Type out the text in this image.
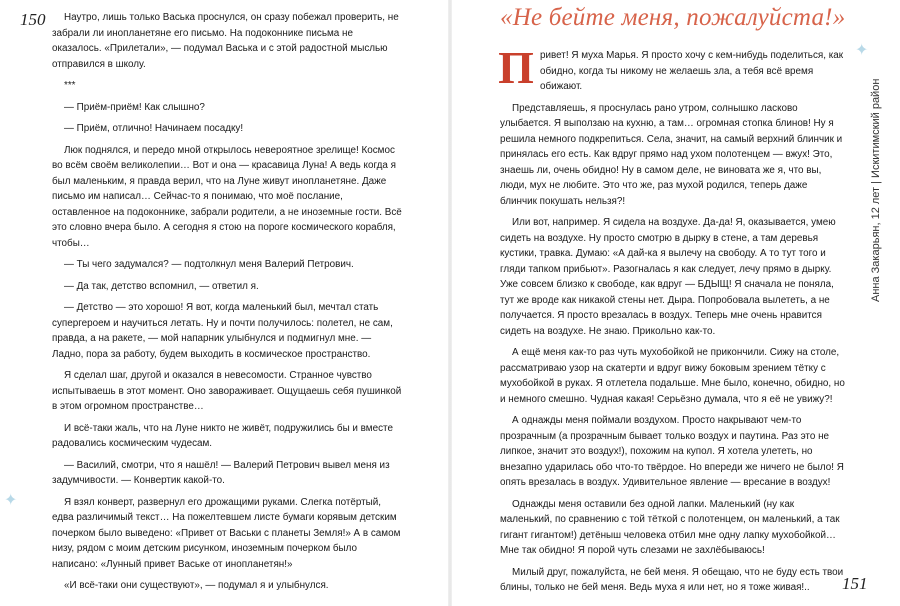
150	Наутро, лишь только Васька проснулся, он сразу побежал проверить, не забрали ли инопланетяне его письмо. На подоконнике письма не оказалось. «Прилетали», — подумал Васька и с этой радостной мыслью отправился в школу.

***

— Приём-приём! Как слышно?

— Приём, отлично! Начинаем посадку!

Люк поднялся, и передо мной открылось невероятное зрелище! Космос во всём своём великолепии… Вот и она — красавица Луна! А ведь когда я был маленьким, я правда верил, что на Луне живут инопланетяне. Даже письмо им написал… Сейчас-то я понимаю, что моё послание, оставленное на подоконнике, забрали родители, а не иноземные гости. Всё это словно вчера было. А сегодня я стою на пороге космического корабля, чтобы…

— Ты чего задумался? — подтолкнул меня Валерий Петрович.

— Да так, детство вспомнил, — ответил я.

— Детство — это хорошо! Я вот, когда маленький был, мечтал стать супергероем и научиться летать. Ну и почти получилось: полетел, не сам, правда, а на ракете, — мой напарник улыбнулся и подмигнул мне. — Ладно, пора за работу, будем выходить в космическое пространство.

Я сделал шаг, другой и оказался в невесомости. Странное чувство испытываешь в этот момент. Оно завораживает. Ощущаешь себя пушинкой в этом огромном пространстве…

И всё-таки жаль, что на Луне никто не живёт, подружились бы и вместе радовались космическим чудесам.

— Василий, смотри, что я нашёл! — Валерий Петрович вывел меня из задумчивости. — Конвертик какой-то.

Я взял конверт, развернул его дрожащими руками. Слегка потёртый, едва различимый текст… На пожелтевшем листе бумаги корявым детским почерком было выведено: «Привет от Васьки с планеты Земля!» А в самом низу, рядом с моим детским рисунком, иноземным почерком было написано: «Лунный привет Ваське от инопланетян!»

«И всё-таки они существуют», — подумал я и улыбнулся.

✦
«Не бейте меня, пожалуйста!»

Привет! Я муха Марья. Я просто хочу с кем-нибудь поделиться, как обидно, когда ты никому не желаешь зла, а тебя всё время обижают.

Представляешь, я проснулась рано утром, солнышко ласково улыбается. Я выползаю на кухню, а там… огромная стопка блинов! Ну я решила немного подкрепиться. Села, значит, на самый верхний блинчик и принялась его есть. Как вдруг прямо над ухом полотенцем — вжух! Это, знаешь ли, очень обидно! Ну в самом деле, не виновата же я, что вы, люди, мух не любите. Это что же, раз мухой родился, теперь даже блинчик покушать нельзя?!

Или вот, например. Я сидела на воздухе. Да-да! Я, оказывается, умею сидеть на воздухе. Ну просто смотрю в дырку в стене, а там деревья кустики, травка. Думаю: «А дай-ка я вылечу на свободу. А то тут того и гляди тапком прибьют». Разогналась я как следует, лечу прямо в дырку. Уже совсем близко к свободе, как вдруг — БДЫЩ! Я сначала не поняла, тут же вроде как никакой стены нет. Дыра. Попробовала вылететь, а не получается. Я просто врезалась в воздух. Теперь мне очень нравится сидеть на воздухе. Не знаю. Прикольно как-то.

А ещё меня как-то раз чуть мухобойкой не прикончили. Сижу на столе, рассматриваю узор на скатерти и вдруг вижу боковым зрением тётку с мухобойкой в руках. Я отлетела подальше. Мне было, конечно, обидно, но и немного смешно. Чудная какая! Серьёзно думала, что я её не увижу?!

А однажды меня поймали воздухом. Просто накрывают чем-то прозрачным (а прозрачным бывает только воздух и паутина. Раз это не липкое, значит это воздух!), похожим на купол. Я хотела улететь, но внезапно ударилась обо что-то твёрдое. Но впереди же ничего не было! Я опять врезалась в воздух. Удивительное явление — вресание в воздух!

Однажды меня оставили без одной лапки. Маленький (ну как маленький, по сравнению с той тёткой с полотенцем, он маленький, а так гигант гигантом!) детёныш человека отбил мне одну лапку мухобойкой… Мне так обидно! Я порой чуть слезами не захлёбываюсь!

Милый друг, пожалуйста, не бей меня. Я обещаю, что не буду есть твои блины, только не бей меня. Ведь муха я или нет, но я тоже живая!..

Анна Закарьян, 12 лет | Искитимский район
151
✦
